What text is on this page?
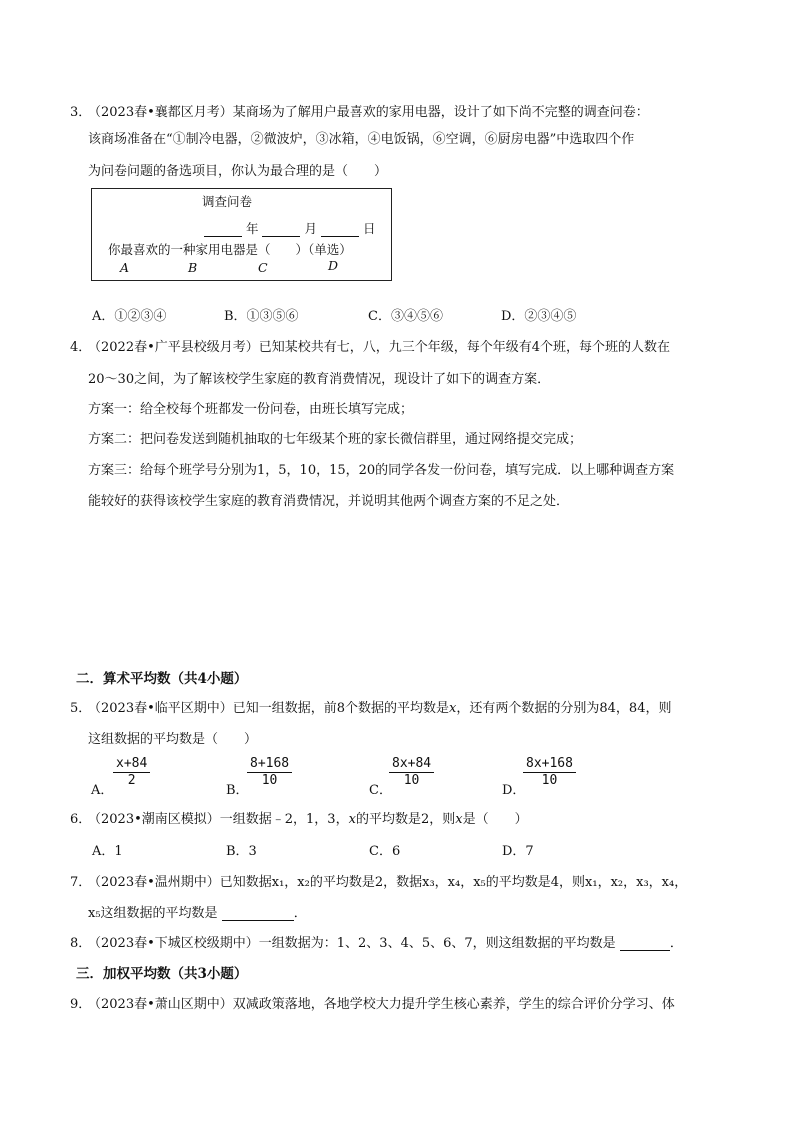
3．
（2023春•襄都区月考）某商场为了解用户最喜欢的家用电器，设计了如下尚不完整的调查问卷：
该商场准备在“①制冷电器，②微波炉，③冰箱，④电饭锅，⑥空调，⑥厨房电器”中选取四个作
为问卷问题的备选项目，你认为最合理的是（　　）
调查问卷
年	月	日
你最喜欢的一种家用电器是（　　）（单选）
A	B	C	D
A．①②③④	B．①③⑤⑥	C．③④⑤⑥	D．②③④⑤
4．
（2022春•广平县校级月考）已知某校共有七，八，九三个年级，每个年级有4个班，每个班的人数在
20～30之间，为了解该校学生家庭的教育消费情况，现设计了如下的调查方案．
方案一：给全校每个班都发一份问卷，由班长填写完成；
方案二：把问卷发送到随机抽取的七年级某个班的家长微信群里，通过网络提交完成；
方案三：给每个班学号分别为1，5，10，15，20的同学各发一份问卷，填写完成．以上哪种调查方案
能较好的获得该校学生家庭的教育消费情况，并说明其他两个调查方案的不足之处．
二．算术平均数（共4小题）
5．
（2023春•临平区期中）已知一组数据，前8个数据的平均数是x，还有两个数据的分别为84，84，则
这组数据的平均数是（　　）
A．
$\frac{x+84}{2}$
B．
$\frac{8+168}{10}$
C．
$\frac{8x+84}{10}$
D．
$\frac{8x+168}{10}$
6．
（2023•潮南区模拟）一组数据﹣2，1，3，x的平均数是2，则x是（　　）
A．1	B．3	C．6	D．7
7．
（2023春•温州期中）已知数据x₁，x₂的平均数是2，数据x₃，x₄，x₅的平均数是4，则x₁，x₂，x₃，x₄，
x₅这组数据的平均数是	．
8．
（2023春•下城区校级期中）一组数据为：1、2、3、4、5、6、7，则这组数据的平均数是	．
三．加权平均数（共3小题）
9．
（2023春•萧山区期中）双减政策落地，各地学校大力提升学生核心素养，学生的综合评价分学习、体
